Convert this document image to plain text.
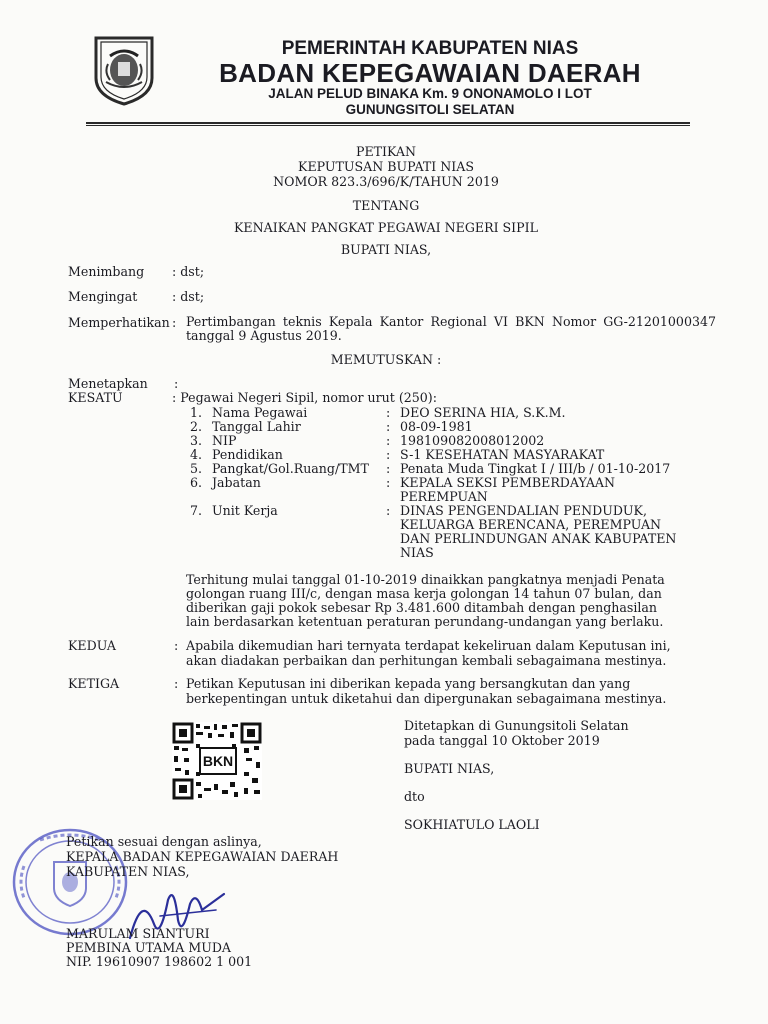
PEMERINTAH KABUPATEN NIAS
BADAN KEPEGAWAIAN DAERAH
JALAN PELUD BINAKA Km. 9 ONONAMOLO I LOT
GUNUNGSITOLI SELATAN
PETIKAN
KEPUTUSAN BUPATI NIAS
NOMOR 823.3/696/K/TAHUN 2019
TENTANG
KENAIKAN PANGKAT PEGAWAI NEGERI SIPIL
BUPATI NIAS,
Menimbang : dst;
Mengingat	: dst;
Memperhatikan : Pertimbangan teknis Kepala Kantor Regional VI BKN Nomor GG-21201000347 tanggal 9 Agustus 2019.
MEMUTUSKAN :
Menetapkan :
KESATU	: Pegawai Negeri Sipil, nomor urut (250):
1. Nama Pegawai	: DEO SERINA HIA, S.K.M.
2. Tanggal Lahir	: 08-09-1981
3. NIP	: 198109082008012002
4. Pendidikan	: S-1 KESEHATAN MASYARAKAT
5. Pangkat/Gol.Ruang/TMT : Penata Muda Tingkat I / III/b / 01-10-2017
6. Jabatan	: KEPALA SEKSI PEMBERDAYAAN
PEREMPUAN
7. Unit Kerja	: DINAS PENGENDALIAN PENDUDUK,
KELUARGA BERENCANA, PEREMPUAN
DAN PERLINDUNGAN ANAK KABUPATEN
NIAS
Terhitung mulai tanggal 01-10-2019 dinaikkan pangkatnya menjadi Penata
golongan ruang III/c, dengan masa kerja golongan 14 tahun 07 bulan, dan
diberikan gaji pokok sebesar Rp 3.481.600 ditambah dengan penghasilan
lain berdasarkan ketentuan peraturan perundang-undangan yang berlaku.
KEDUA	: Apabila dikemudian hari ternyata terdapat kekeliruan dalam Keputusan ini,
akan diadakan perbaikan dan perhitungan kembali sebagaimana mestinya.
KETIGA	: Petikan Keputusan ini diberikan kepada yang bersangkutan dan yang
berkepentingan untuk diketahui dan dipergunakan sebagaimana mestinya.
BKN
Ditetapkan di Gunungsitoli Selatan
pada tanggal 10 Oktober 2019
BUPATI NIAS,
dto
SOKHIATULO LAOLI
Petikan sesuai dengan aslinya,
KEPALA BADAN KEPEGAWAIAN DAERAH
KABUPATEN NIAS,
MARULAM SIANTURI
PEMBINA UTAMA MUDA
NIP. 19610907 198602 1 001
